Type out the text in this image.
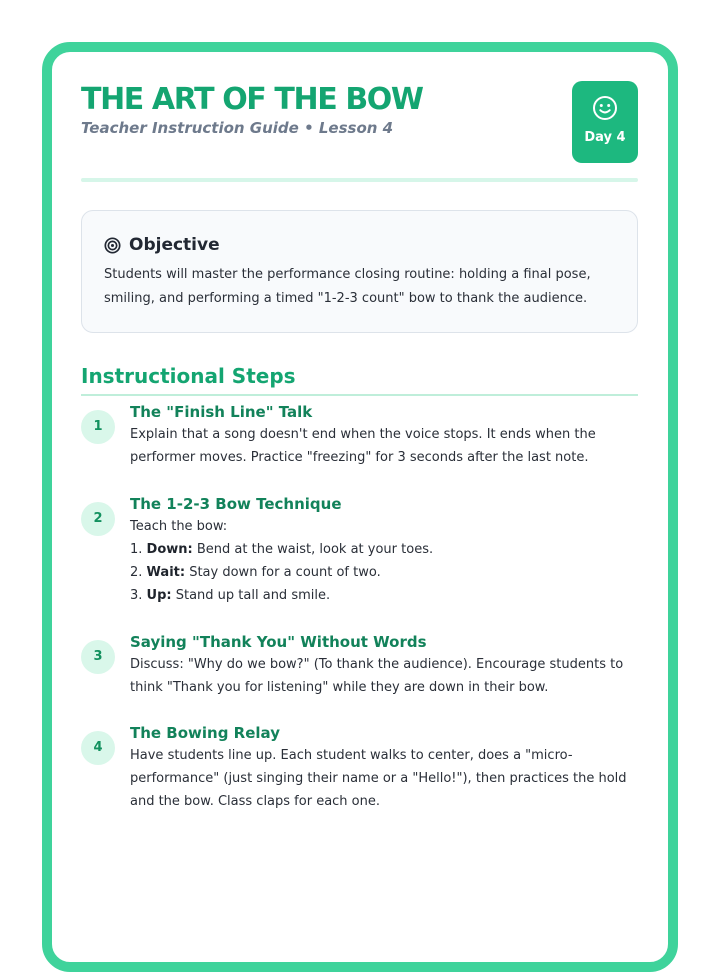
THE ART OF THE BOW
Teacher Instruction Guide • Lesson 4
Day 4
Objective
Students will master the performance closing routine: holding a final pose, smiling, and performing a timed "1-2-3 count" bow to thank the audience.
Instructional Steps
1
The "Finish Line" Talk
Explain that a song doesn't end when the voice stops. It ends when the performer moves. Practice "freezing" for 3 seconds after the last note.
2
The 1-2-3 Bow Technique
Teach the bow:
1. Down: Bend at the waist, look at your toes.
2. Wait: Stay down for a count of two.
3. Up: Stand up tall and smile.
3
Saying "Thank You" Without Words
Discuss: "Why do we bow?" (To thank the audience). Encourage students to think "Thank you for listening" while they are down in their bow.
4
The Bowing Relay
Have students line up. Each student walks to center, does a "micro-performance" (just singing their name or a "Hello!"), then practices the hold and the bow. Class claps for each one.
